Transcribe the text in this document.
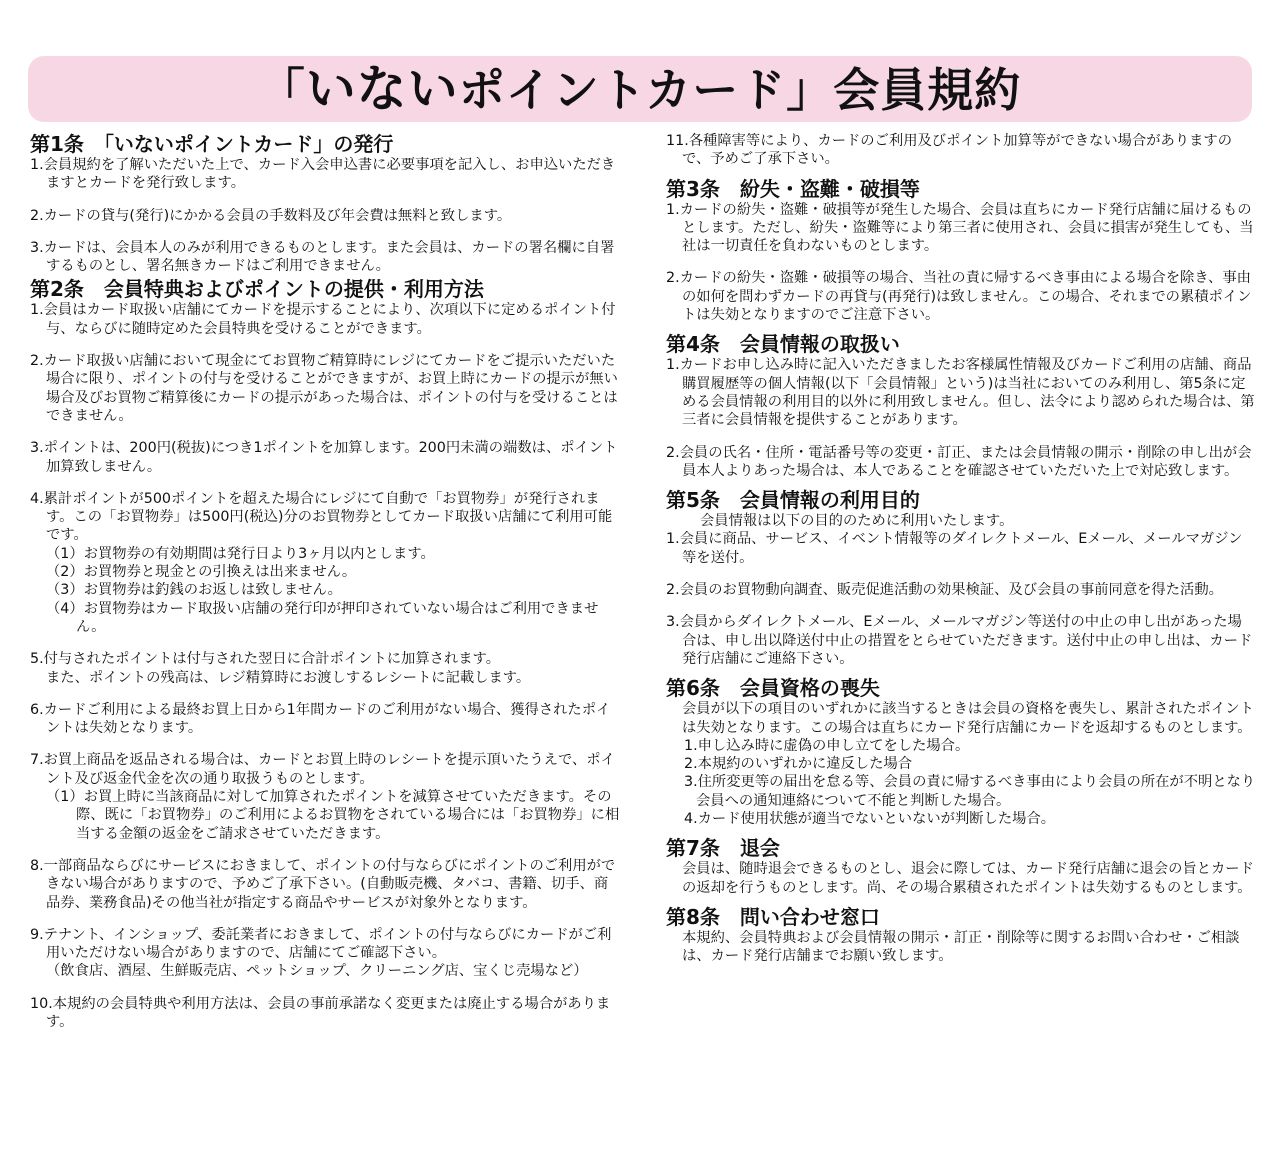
「いないポイントカード」会員規約
第1条　「いないポイントカード」の発行
1.会員規約を了解いただいた上で、カード入会申込書に必要事項を記入し、お申込いただきますとカードを発行致します。
2.カードの貸与(発行)にかかる会員の手数料及び年会費は無料と致します。
3.カードは、会員本人のみが利用できるものとします。また会員は、カードの署名欄に自署するものとし、署名無きカードはご利用できません。
第2条　会員特典およびポイントの提供・利用方法
1.会員はカード取扱い店舗にてカードを提示することにより、次項以下に定めるポイント付与、ならびに随時定めた会員特典を受けることができます。
2.カード取扱い店舗において現金にてお買物ご精算時にレジにてカードをご提示いただいた場合に限り、ポイントの付与を受けることができますが、お買上時にカードの提示が無い場合及びお買物ご精算後にカードの提示があった場合は、ポイントの付与を受けることはできません。
3.ポイントは、200円(税抜)につき1ポイントを加算します。200円未満の端数は、ポイント加算致しません。
4.累計ポイントが500ポイントを超えた場合にレジにて自動で「お買物券」が発行されます。この「お買物券」は500円(税込)分のお買物券としてカード取扱い店舗にて利用可能です。
（1）お買物券の有効期間は発行日より3ヶ月以内とします。
（2）お買物券と現金との引換えは出来ません。
（3）お買物券は釣銭のお返しは致しません。
（4）お買物券はカード取扱い店舗の発行印が押印されていない場合はご利用できません。
5.付与されたポイントは付与された翌日に合計ポイントに加算されます。
また、ポイントの残高は、レジ精算時にお渡しするレシートに記載します。
6.カードご利用による最終お買上日から1年間カードのご利用がない場合、獲得されたポイントは失効となります。
7.お買上商品を返品される場合は、カードとお買上時のレシートを提示頂いたうえで、ポイント及び返金代金を次の通り取扱うものとします。
（1）お買上時に当該商品に対して加算されたポイントを減算させていただきます。その際、既に「お買物券」のご利用によるお買物をされている場合には「お買物券」に相当する金額の返金をご請求させていただきます。
8.一部商品ならびにサービスにおきまして、ポイントの付与ならびにポイントのご利用ができない場合がありますので、予めご了承下さい。(自動販売機、タバコ、書籍、切手、商品券、業務食品)その他当社が指定する商品やサービスが対象外となります。
9.テナント、インショップ、委託業者におきまして、ポイントの付与ならびにカードがご利用いただけない場合がありますので、店舗にてご確認下さい。
（飲食店、酒屋、生鮮販売店、ペットショップ、クリーニング店、宝くじ売場など）
10.本規約の会員特典や利用方法は、会員の事前承諾なく変更または廃止する場合があります。
11.各種障害等により、カードのご利用及びポイント加算等ができない場合がありますので、予めご了承下さい。
第3条　紛失・盗難・破損等
1.カードの紛失・盗難・破損等が発生した場合、会員は直ちにカード発行店舗に届けるものとします。ただし、紛失・盗難等により第三者に使用され、会員に損害が発生しても、当社は一切責任を負わないものとします。
2.カードの紛失・盗難・破損等の場合、当社の責に帰するべき事由による場合を除き、事由の如何を問わずカードの再貸与(再発行)は致しません。この場合、それまでの累積ポイントは失効となりますのでご注意下さい。
第4条　会員情報の取扱い
1.カードお申し込み時に記入いただきましたお客様属性情報及びカードご利用の店舗、商品購買履歴等の個人情報(以下「会員情報」という)は当社においてのみ利用し、第5条に定める会員情報の利用目的以外に利用致しません。但し、法令により認められた場合は、第三者に会員情報を提供することがあります。
2.会員の氏名・住所・電話番号等の変更・訂正、または会員情報の開示・削除の申し出が会員本人よりあった場合は、本人であることを確認させていただいた上で対応致します。
第5条　会員情報の利用目的
会員情報は以下の目的のために利用いたします。
1.会員に商品、サービス、イベント情報等のダイレクトメール、Eメール、メールマガジン等を送付。
2.会員のお買物動向調査、販売促進活動の効果検証、及び会員の事前同意を得た活動。
3.会員からダイレクトメール、Eメール、メールマガジン等送付の中止の申し出があった場合は、申し出以降送付中止の措置をとらせていただきます。送付中止の申し出は、カード発行店舗にご連絡下さい。
第6条　会員資格の喪失
会員が以下の項目のいずれかに該当するときは会員の資格を喪失し、累計されたポイントは失効となります。この場合は直ちにカード発行店舗にカードを返却するものとします。
1.申し込み時に虚偽の申し立てをした場合。
2.本規約のいずれかに違反した場合
3.住所変更等の届出を怠る等、会員の責に帰するべき事由により会員の所在が不明となり会員への通知連絡について不能と判断した場合。
4.カード使用状態が適当でないといないが判断した場合。
第7条　退会
会員は、随時退会できるものとし、退会に際しては、カード発行店舗に退会の旨とカードの返却を行うものとします。尚、その場合累積されたポイントは失効するものとします。
第8条　問い合わせ窓口
本規約、会員特典および会員情報の開示・訂正・削除等に関するお問い合わせ・ご相談は、カード発行店舗までお願い致します。
